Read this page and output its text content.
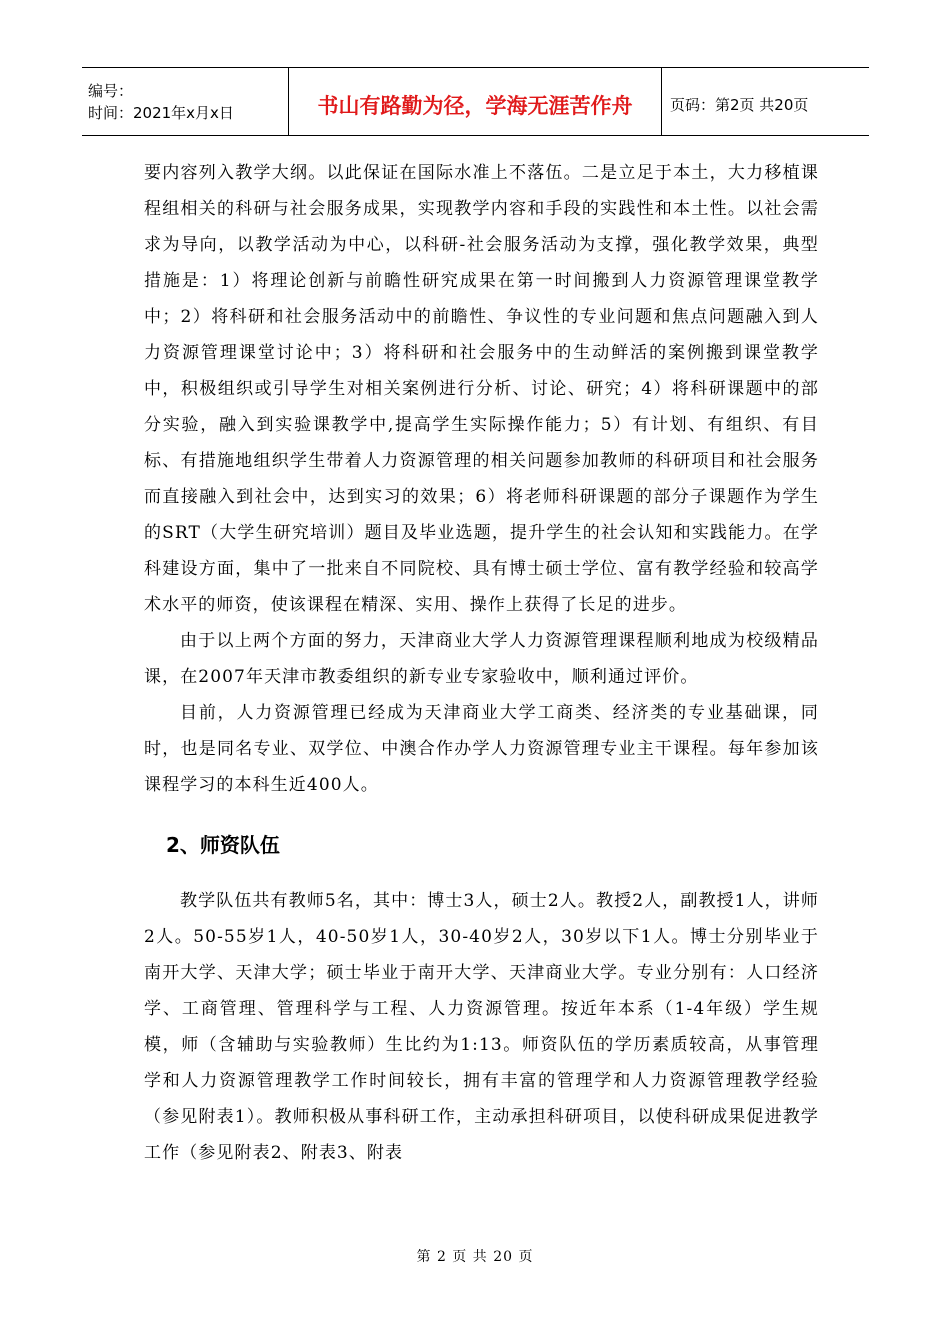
编号：
时间：2021年x月x日	书山有路勤为径，学海无涯苦作舟	页码：第2页 共20页

要内容列入教学大纲。以此保证在国际水准上不落伍。二是立足于本土，大力移植课程组相关的科研与社会服务成果，实现教学内容和手段的实践性和本土性。以社会需求为导向，以教学活动为中心，以科研-社会服务活动为支撑，强化教学效果，典型措施是：1）将理论创新与前瞻性研究成果在第一时间搬到人力资源管理课堂教学中；2）将科研和社会服务活动中的前瞻性、争议性的专业问题和焦点问题融入到人力资源管理课堂讨论中；3）将科研和社会服务中的生动鲜活的案例搬到课堂教学中，积极组织或引导学生对相关案例进行分析、讨论、研究；4）将科研课题中的部分实验，融入到实验课教学中,提高学生实际操作能力；5）有计划、有组织、有目标、有措施地组织学生带着人力资源管理的相关问题参加教师的科研项目和社会服务而直接融入到社会中，达到实习的效果；6）将老师科研课题的部分子课题作为学生的SRT（大学生研究培训）题目及毕业选题，提升学生的社会认知和实践能力。在学科建设方面，集中了一批来自不同院校、具有博士硕士学位、富有教学经验和较高学术水平的师资，使该课程在精深、实用、操作上获得了长足的进步。

由于以上两个方面的努力，天津商业大学人力资源管理课程顺利地成为校级精品课，在2007年天津市教委组织的新专业专家验收中，顺利通过评价。

目前，人力资源管理已经成为天津商业大学工商类、经济类的专业基础课，同时，也是同名专业、双学位、中澳合作办学人力资源管理专业主干课程。每年参加该课程学习的本科生近400人。

2、师资队伍

教学队伍共有教师5名，其中：博士3人，硕士2人。教授2人，副教授1人，讲师2人。50-55岁1人，40-50岁1人，30-40岁2人，30岁以下1人。博士分别毕业于南开大学、天津大学；硕士毕业于南开大学、天津商业大学。专业分别有：人口经济学、工商管理、管理科学与工程、人力资源管理。按近年本系（1-4年级）学生规模，师（含辅助与实验教师）生比约为1:13。师资队伍的学历素质较高，从事管理学和人力资源管理教学工作时间较长，拥有丰富的管理学和人力资源管理教学经验（参见附表1）。教师积极从事科研工作，主动承担科研项目，以使科研成果促进教学工作（参见附表2、附表3、附表

第 2 页 共 20 页
